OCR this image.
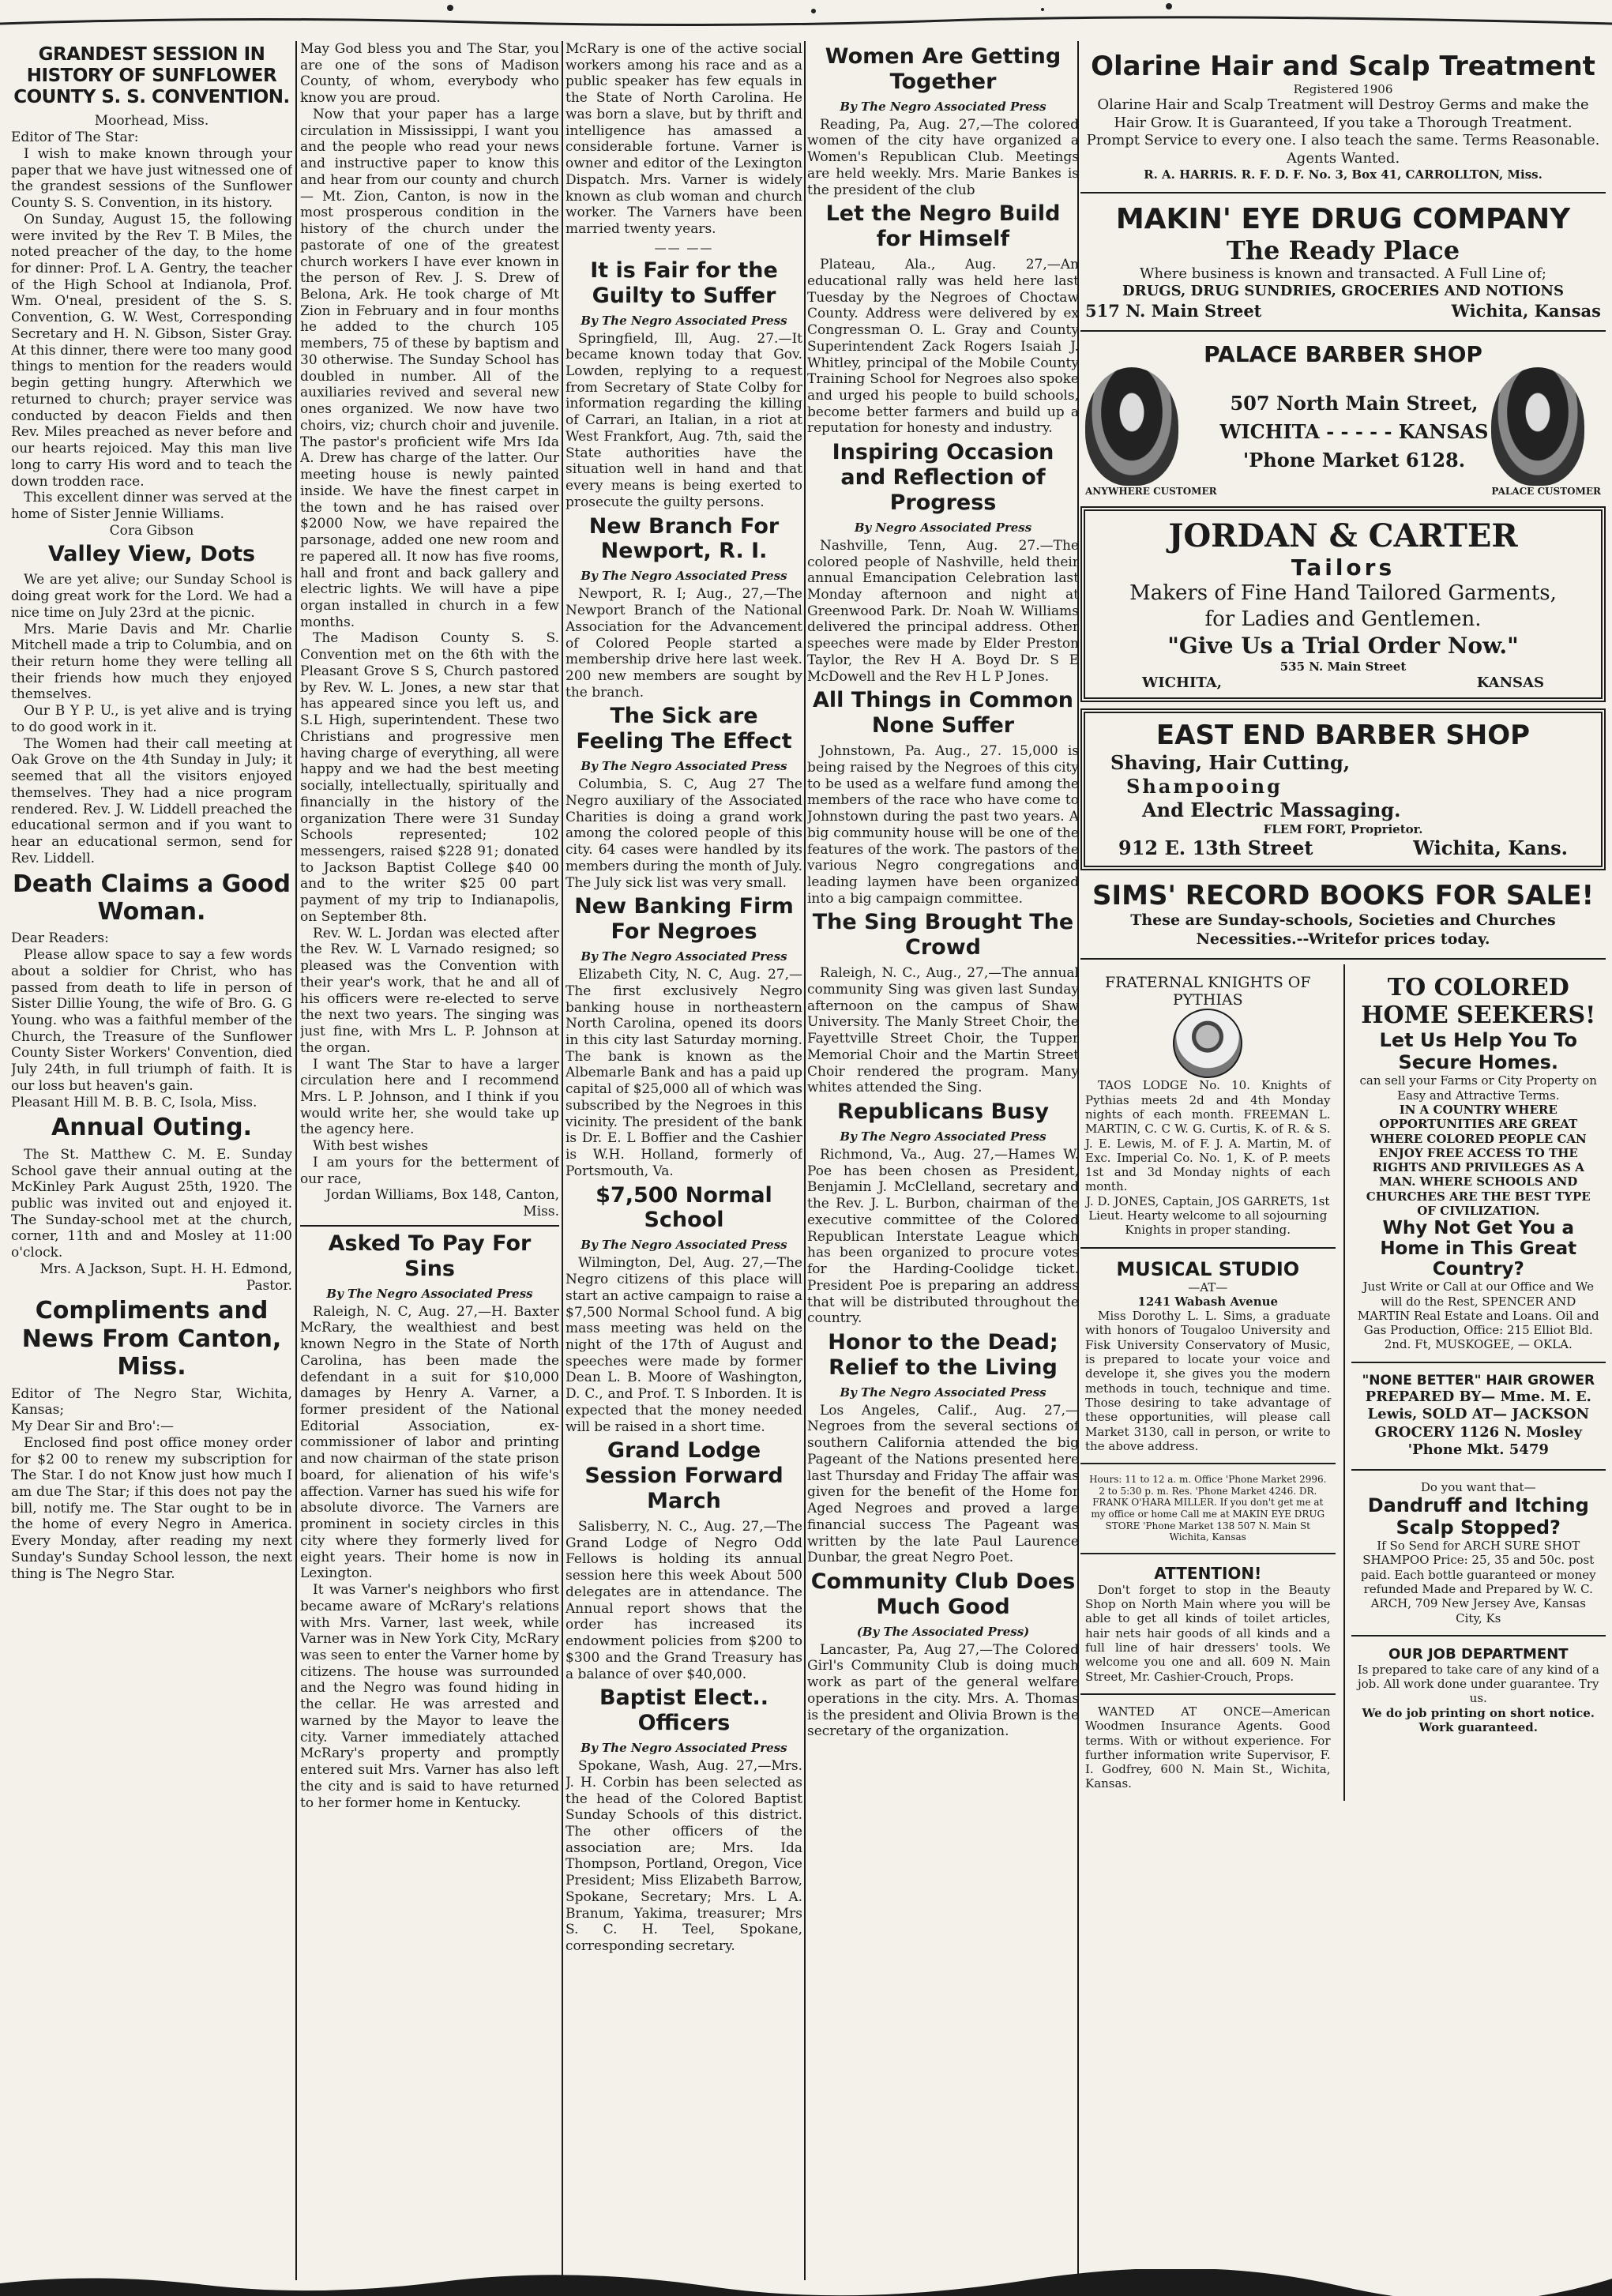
GRANDEST SESSION IN HISTORY OF SUNFLOWER COUNTY S. S. CONVENTION.

Moorhead, Miss.

Editor of The Star:

I wish to make known through your paper that we have just witnessed one of the grandest sessions of the Sunflower County S. S. Convention, in its history.

On Sunday, August 15, the following were invited by the Rev T. B Miles, the noted preacher of the day, to the home for dinner: Prof. L A. Gentry, the teacher of the High School at Indianola, Prof. Wm. O'neal, president of the S. S. Convention, G. W. West, Corresponding Secretary and H. N. Gibson, Sister Gray. At this dinner, there were too many good things to mention for the readers would begin getting hungry. Afterwhich we returned to church; prayer service was conducted by deacon Fields and then Rev. Miles preached as never before and our hearts rejoiced. May this man live long to carry His word and to teach the down trodden race.

This excellent dinner was served at the home of Sister Jennie Williams.

Cora Gibson

Valley View, Dots

We are yet alive; our Sunday School is doing great work for the Lord. We had a nice time on July 23rd at the picnic.

Mrs. Marie Davis and Mr. Charlie Mitchell made a trip to Columbia, and on their return home they were telling all their friends how much they enjoyed themselves.

Our B Y P. U., is yet alive and is trying to do good work in it.

The Women had their call meeting at Oak Grove on the 4th Sunday in July; it seemed that all the visitors enjoyed themselves. They had a nice program rendered. Rev. J. W. Liddell preached the educational sermon and if you want to hear an educational sermon, send for Rev. Liddell.

Death Claims a Good Woman.

Dear Readers:

Please allow space to say a few words about a soldier for Christ, who has passed from death to life in person of Sister Dillie Young, the wife of Bro. G. G Young. who was a faithful member of the Church, the Treasure of the Sunflower County Sister Workers' Convention, died July 24th, in full triumph of faith. It is our loss but heaven's gain.

Pleasant Hill M. B. B. C, Isola, Miss.

Annual Outing.

The St. Matthew C. M. E. Sunday School gave their annual outing at the McKinley Park August 25th, 1920. The public was invited out and enjoyed it. The Sunday-school met at the church, corner, 11th and and Mosley at 11:00 o'clock.

Mrs. A Jackson, Supt. H. H. Edmond, Pastor.

Compliments and News From Canton, Miss.

Editor of The Negro Star, Wichita, Kansas;

My Dear Sir and Bro':—

Enclosed find post office money order for $2 00 to renew my subscription for The Star. I do not Know just how much I am due The Star; if this does not pay the bill, notify me. The Star ought to be in the home of every Negro in America. Every Monday, after reading my next Sunday's Sunday School lesson, the next thing is The Negro Star.

May God bless you and The Star, you are one of the sons of Madison County, of whom, everybody who know you are proud.

Now that your paper has a large circulation in Mississippi, I want you and the people who read your news and instructive paper to know this and hear from our county and church— Mt. Zion, Canton, is now in the most prosperous condition in the history of the church under the pastorate of one of the greatest church workers I have ever known in the person of Rev. J. S. Drew of Belona, Ark. He took charge of Mt Zion in February and in four months he added to the church 105 members, 75 of these by baptism and 30 otherwise. The Sunday School has doubled in number. All of the auxiliaries revived and several new ones organized. We now have two choirs, viz; church choir and juvenile. The pastor's proficient wife Mrs Ida A. Drew has charge of the latter. Our meeting house is newly painted inside. We have the finest carpet in the town and he has raised over $2000 Now, we have repaired the parsonage, added one new room and re papered all. It now has five rooms, hall and front and back gallery and electric lights. We will have a pipe organ installed in church in a few months.

The Madison County S. S. Convention met on the 6th with the Pleasant Grove S S, Church pastored by Rev. W. L. Jones, a new star that has appeared since you left us, and S.L High, superintendent. These two Christians and progressive men having charge of everything, all were happy and we had the best meeting socially, intellectually, spiritually and financially in the history of the organization There were 31 Sunday Schools represented; 102 messengers, raised $228 91; donated to Jackson Baptist College $40 00 and to the writer $25 00 part payment of my trip to Indianapolis, on September 8th.

Rev. W. L. Jordan was elected after the Rev. W. L Varnado resigned; so pleased was the Convention with their year's work, that he and all of his officers were re-elected to serve the next two years. The singing was just fine, with Mrs L. P. Johnson at the organ.

I want The Star to have a larger circulation here and I recommend Mrs. L P. Johnson, and I think if you would write her, she would take up the agency here.

With best wishes

I am yours for the betterment of our race,

Jordan Williams, Box 148, Canton, Miss.

Asked To Pay For Sins
By The Negro Associated Press

Raleigh, N. C, Aug. 27,—H. Baxter McRary, the wealthiest and best known Negro in the State of North Carolina, has been made the defendant in a suit for $10,000 damages by Henry A. Varner, a former president of the National Editorial Association, ex-commissioner of labor and printing and now chairman of the state prison board, for alienation of his wife's affection. Varner has sued his wife for absolute divorce. The Varners are prominent in society circles in this city where they formerly lived for eight years. Their home is now in Lexington.

It was Varner's neighbors who first became aware of McRary's relations with Mrs. Varner, last week, while Varner was in New York City, McRary was seen to enter the Varner home by citizens. The house was surrounded and the Negro was found hiding in the cellar. He was arrested and warned by the Mayor to leave the city. Varner immediately attached McRary's property and promptly entered suit Mrs. Varner has also left the city and is said to have returned to her former home in Kentucky.

McRary is one of the active social workers among his race and as a public speaker has few equals in the State of North Carolina. He was born a slave, but by thrift and intelligence has amassed a considerable fortune. Varner is owner and editor of the Lexington Dispatch. Mrs. Varner is widely known as club woman and church worker. The Varners have been married twenty years.

—— ——
It is Fair for the Guilty to Suffer
By The Negro Associated Press

Springfield, Ill, Aug. 27.—It became known today that Gov. Lowden, replying to a request from Secretary of State Colby for information regarding the killing of Carrari, an Italian, in a riot at West Frankfort, Aug. 7th, said the State authorities have the situation well in hand and that every means is being exerted to prosecute the guilty persons.

New Branch For Newport, R. I.
By The Negro Associated Press

Newport, R. I; Aug., 27,—The Newport Branch of the National Association for the Advancement of Colored People started a membership drive here last week. 200 new members are sought by the branch.

The Sick are Feeling The Effect
By The Negro Associated Press

Columbia, S. C, Aug 27 The Negro auxiliary of the Associated Charities is doing a grand work among the colored people of this city. 64 cases were handled by its members during the month of July. The July sick list was very small.

New Banking Firm For Negroes
By The Negro Associated Press

Elizabeth City, N. C, Aug. 27,—The first exclusively Negro banking house in northeastern North Carolina, opened its doors in this city last Saturday morning. The bank is known as the Albemarle Bank and has a paid up capital of $25,000 all of which was subscribed by the Negroes in this vicinity. The president of the bank is Dr. E. L Boffier and the Cashier is W.H. Holland, formerly of Portsmouth, Va.

$7,500 Normal School
By The Negro Associated Press

Wilmington, Del, Aug. 27,—The Negro citizens of this place will start an active campaign to raise a $7,500 Normal School fund. A big mass meeting was held on the night of the 17th of August and speeches were made by former Dean L. B. Moore of Washington, D. C., and Prof. T. S Inborden. It is expected that the money needed will be raised in a short time.

Grand Lodge Session Forward March

Salisberry, N. C., Aug. 27,—The Grand Lodge of Negro Odd Fellows is holding its annual session here this week About 500 delegates are in attendance. The Annual report shows that the order has increased its endowment policies from $200 to $300 and the Grand Treasury has a balance of over $40,000.

Baptist Elect.. Officers
By The Negro Associated Press

Spokane, Wash, Aug. 27,—Mrs. J. H. Corbin has been selected as the head of the Colored Baptist Sunday Schools of this district. The other officers of the association are; Mrs. Ida Thompson, Portland, Oregon, Vice President; Miss Elizabeth Barrow, Spokane, Secretary; Mrs. L A. Branum, Yakima, treasurer; Mrs S. C. H. Teel, Spokane, corresponding secretary.

Women Are Getting Together
By The Negro Associated Press

Reading, Pa, Aug. 27,—The colored women of the city have organized a Women's Republican Club. Meetings are held weekly. Mrs. Marie Bankes is the president of the club

Let the Negro Build for Himself

Plateau, Ala., Aug. 27,—An educational rally was held here last Tuesday by the Negroes of Choctaw County. Address were delivered by ex Congressman O. L. Gray and County Superintendent Zack Rogers Isaiah J. Whitley, principal of the Mobile County Training School for Negroes also spoke and urged his people to build schools, become better farmers and build up a reputation for honesty and industry.

Inspiring Occasion and Reflection of Progress
By Negro Associated Press

Nashville, Tenn, Aug. 27.—The colored people of Nashville, held their annual Emancipation Celebration last Monday afternoon and night at Greenwood Park. Dr. Noah W. Williams delivered the principal address. Other speeches were made by Elder Preston Taylor, the Rev H A. Boyd Dr. S E McDowell and the Rev H L P Jones.

All Things in Common None Suffer

Johnstown, Pa. Aug., 27. 15,000 is being raised by the Negroes of this city to be used as a welfare fund among the members of the race who have come to Johnstown during the past two years. A big community house will be one of the features of the work. The pastors of the various Negro congregations and leading laymen have been organized into a big campaign committee.

The Sing Brought The Crowd

Raleigh, N. C., Aug., 27,—The annual community Sing was given last Sunday afternoon on the campus of Shaw University. The Manly Street Choir, the Fayettville Street Choir, the Tupper Memorial Choir and the Martin Street Choir rendered the program. Many whites attended the Sing.

Republicans Busy
By The Negro Associated Press

Richmond, Va., Aug. 27,—Hames W. Poe has been chosen as President, Benjamin J. McClelland, secretary and the Rev. J. L. Burbon, chairman of the executive committee of the Colored Republican Interstate League which has been organized to procure votes for the Harding-Coolidge ticket. President Poe is preparing an address that will be distributed throughout the country.

Honor to the Dead; Relief to the Living
By The Negro Associated Press

Los Angeles, Calif., Aug. 27,—Negroes from the several sections of southern California attended the big Pageant of the Nations presented here last Thursday and Friday The affair was given for the benefit of the Home for Aged Negroes and proved a large financial success The Pageant was written by the late Paul Laurence Dunbar, the great Negro Poet.

Community Club Does Much Good
(By The Associated Press)

Lancaster, Pa, Aug 27,—The Colored Girl's Community Club is doing much work as part of the general welfare operations in the city. Mrs. A. Thomas is the president and Olivia Brown is the secretary of the organization.

Olarine Hair and Scalp Treatment
Registered 1906
Olarine Hair and Scalp Treatment will Destroy Germs and make the Hair Grow. It is Guaranteed, If you take a Thorough Treatment. Prompt Service to every one. I also teach the same. Terms Reasonable. Agents Wanted.
R. A. HARRIS. R. F. D. F. No. 3, Box 41, CARROLLTON, Miss.
MAKIN' EYE DRUG COMPANY
The Ready Place
Where business is known and transacted. A Full Line of;
DRUGS, DRUG SUNDRIES, GROCERIES AND NOTIONS
517 N. Main Street	Wichita, Kansas
PALACE BARBER SHOP
ANYWHERE CUSTOMER
507 North Main Street,
WICHITA - - - - - KANSAS
'Phone Market 6128.
PALACE CUSTOMER
JORDAN & CARTER
Tailors
Makers of Fine Hand Tailored Garments,
for Ladies and Gentlemen.
"Give Us a Trial Order Now."
535 N. Main Street
WICHITA,	KANSAS
EAST END BARBER SHOP
Shaving, Hair Cutting,
Shampooing
And Electric Massaging.
FLEM FORT, Proprietor.
912 E. 13th Street	Wichita, Kans.
SIMS' RECORD BOOKS FOR SALE!
These are Sunday-schools, Societies and Churches Necessities.--Writefor prices today.
FRATERNAL KNIGHTS OF PYTHIAS

TAOS LODGE No. 10. Knights of Pythias meets 2d and 4th Monday nights of each month. FREEMAN L. MARTIN, C. C W. G. Curtis, K. of R. & S. J. E. Lewis, M. of F. J. A. Martin, M. of Exc. Imperial Co. No. 1, K. of P. meets 1st and 3d Monday nights of each month.

J. D. JONES, Captain, JOS GARRETS, 1st Lieut. Hearty welcome to all sojourning Knights in proper standing.

MUSICAL STUDIO
—AT—
1241 Wabash Avenue

Miss Dorothy L. L. Sims, a graduate with honors of Tougaloo University and Fisk University Conservatory of Music, is prepared to locate your voice and develope it, she gives you the modern methods in touch, technique and time. Those desiring to take advantage of these opportunities, will please call Market 3130, call in person, or write to the above address.

Hours: 11 to 12 a. m. Office 'Phone Market 2996. 2 to 5:30 p. m. Res. 'Phone Market 4246. DR. FRANK O'HARA MILLER. If you don't get me at my office or home Call me at MAKIN EYE DRUG STORE 'Phone Market 138 507 N. Main St Wichita, Kansas

ATTENTION!

Don't forget to stop in the Beauty Shop on North Main where you will be able to get all kinds of toilet articles, hair nets hair goods of all kinds and a full line of hair dressers' tools. We welcome you one and all. 609 N. Main Street, Mr. Cashier-Crouch, Props.

WANTED AT ONCE—American Woodmen Insurance Agents. Good terms. With or without experience. For further information write Supervisor, F. I. Godfrey, 600 N. Main St., Wichita, Kansas.

TO COLORED HOME SEEKERS!
Let Us Help You To Secure Homes.
can sell your Farms or City Property on Easy and Attractive Terms.
IN A COUNTRY WHERE OPPORTUNITIES ARE GREAT WHERE COLORED PEOPLE CAN ENJOY FREE ACCESS TO THE RIGHTS AND PRIVILEGES AS A MAN. WHERE SCHOOLS AND CHURCHES ARE THE BEST TYPE OF CIVILIZATION.
Why Not Get You a Home in This Great Country?
Just Write or Call at our Office and We will do the Rest, SPENCER AND MARTIN Real Estate and Loans. Oil and Gas Production, Office: 215 Elliot Bld. 2nd. Ft, MUSKOGEE, — OKLA.
"NONE BETTER" HAIR GROWER
PREPARED BY— Mme. M. E. Lewis, SOLD AT— JACKSON GROCERY 1126 N. Mosley 'Phone Mkt. 5479
Do you want that—
Dandruff and Itching Scalp Stopped?
If So Send for ARCH SURE SHOT SHAMPOO Price: 25, 35 and 50c. post paid. Each bottle guaranteed or money refunded Made and Prepared by W. C. ARCH, 709 New Jersey Ave, Kansas City, Ks
OUR JOB DEPARTMENT
Is prepared to take care of any kind of a job. All work done under guarantee. Try us.
We do job printing on short notice. Work guaranteed.
